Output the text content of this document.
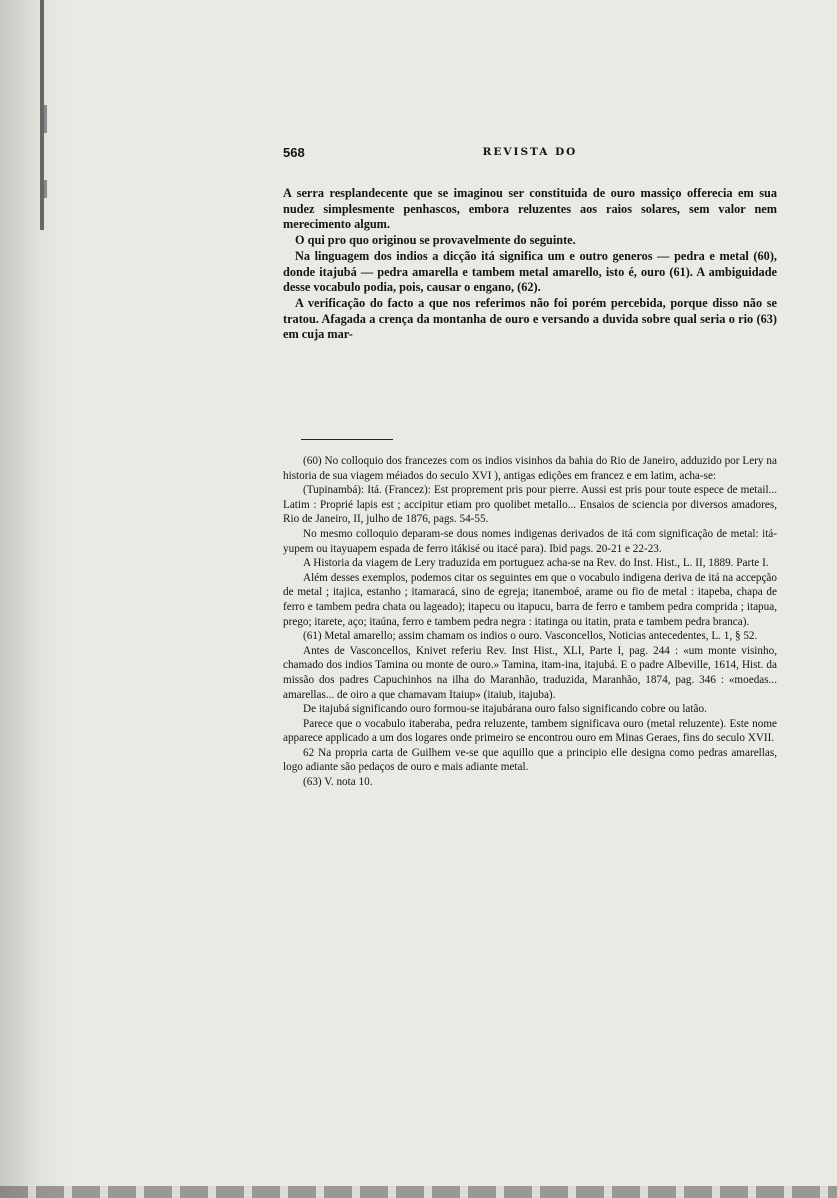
568	REVISTA DO

A serra resplandecente que se imaginou ser constituida de ouro massiço offerecia em sua nudez simplesmente penhascos, embora reluzentes aos raios solares, sem valor nem merecimento algum.

O qui pro quo originou se provavelmente do seguinte.

Na linguagem dos indios a dicção itá significa um e outro generos — pedra e metal (60), donde itajubá — pedra amarella e tambem metal amarello, isto é, ouro (61). A ambiguidade desse vocabulo podia, pois, causar o engano, (62).

A verificação do facto a que nos referimos não foi porém percebida, porque disso não se tratou. Afagada a crença da montanha de ouro e versando a duvida sobre qual seria o rio (63) em cuja mar-

(60) No colloquio dos francezes com os indios visinhos da bahia do Rio de Janeiro, adduzido por Lery na historia de sua viagem méiados do seculo XVI ), antigas edições em francez e em latim, acha-se:

(Tupinambá): Itá. (Francez): Est proprement pris pour pierre. Aussi est pris pour toute espece de metail... Latim : Proprié lapis est ; accipitur etiam pro quolibet metallo... Ensaios de sciencia por diversos amadores, Rio de Janeiro, II, julho de 1876, pags. 54-55.

No mesmo colloquio deparam-se dous nomes indigenas derivados de itá com significação de metal: itá-yupem ou itayuapem espada de ferro itákisé ou itacé para). Ibid pags. 20-21 e 22-23.

A Historia da viagem de Lery traduzida em portuguez acha-se na Rev. do Inst. Hist., L. II, 1889. Parte I.

Além desses exemplos, podemos citar os seguintes em que o vocabulo indigena deriva de itá na accepção de metal ; itajica, estanho ; itamaracá, sino de egreja; itanemboé, arame ou fio de metal : itapeba, chapa de ferro e tambem pedra chata ou lageado); itapecu ou itapucu, barra de ferro e tambem pedra comprida ; itapua, prego; itarete, aço; itaúna, ferro e tambem pedra negra : itatinga ou itatin, prata e tambem pedra branca).

(61) Metal amarello; assim chamam os indios o ouro. Vasconcellos, Noticias antecedentes, L. 1, § 52.

Antes de Vasconcellos, Knivet referiu Rev. Inst Hist., XLI, Parte I, pag. 244 : «um monte visinho, chamado dos indios Tamina ou monte de ouro.» Tamina, itam-ina, itajubá. E o padre Albeville, 1614, Hist. da missão dos padres Capuchinhos na ilha do Maranhão, traduzida, Maranhão, 1874, pag. 346 : «moedas... amarellas... de oiro a que chamavam Itaiup» (itaiub, itajuba).

De itajubá significando ouro formou-se itajubárana ouro falso significando cobre ou latão.

Parece que o vocabulo itaberaba, pedra reluzente, tambem significava ouro (metal reluzente). Este nome apparece applicado a um dos logares onde primeiro se encontrou ouro em Minas Geraes, fins do seculo XVII.

62 Na propria carta de Guilhem ve-se que aquillo que a principio elle designa como pedras amarellas, logo adiante são pedaços de ouro e mais adiante metal.

(63) V. nota 10.
